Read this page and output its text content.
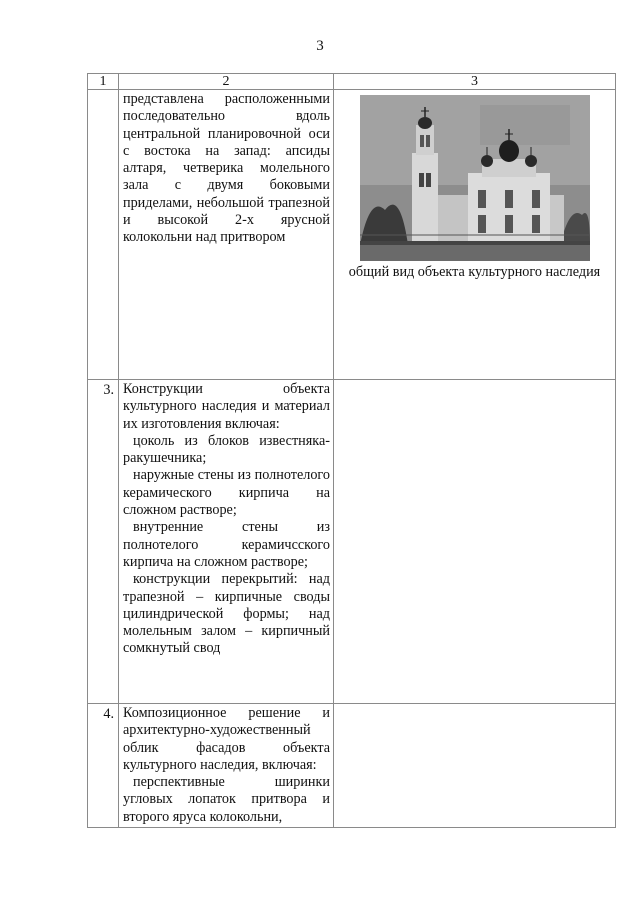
3
1	2	3

	представлена расположенными последовательно вдоль центральной планировочной оси с востока на запад: апсиды алтаря, четверика молельного зала с двумя боковыми приделами, небольшой трапезной и высокой 2-х ярусной колокольни над притвором	общий вид объекта культурного наследия

3.	Конструкции объекта культурного наследия и материал их изготовления включая:

цоколь из блоков известняка-ракушечника;

наружные стены из полнотелого керамического кирпича на сложном растворе;

внутренние стены из полнотелого керамичсского кирпича на сложном растворе;

конструкции перекрытий: над трапезной – кирпичные своды цилиндрической формы; над молельным залом – кирпичный сомкнутый свод	

4.	Композиционное решение и архитектурно-художественный облик фасадов объекта культурного наследия, включая:

перспективные ширинки угловых лопаток притвора и второго яруса колокольни,	
